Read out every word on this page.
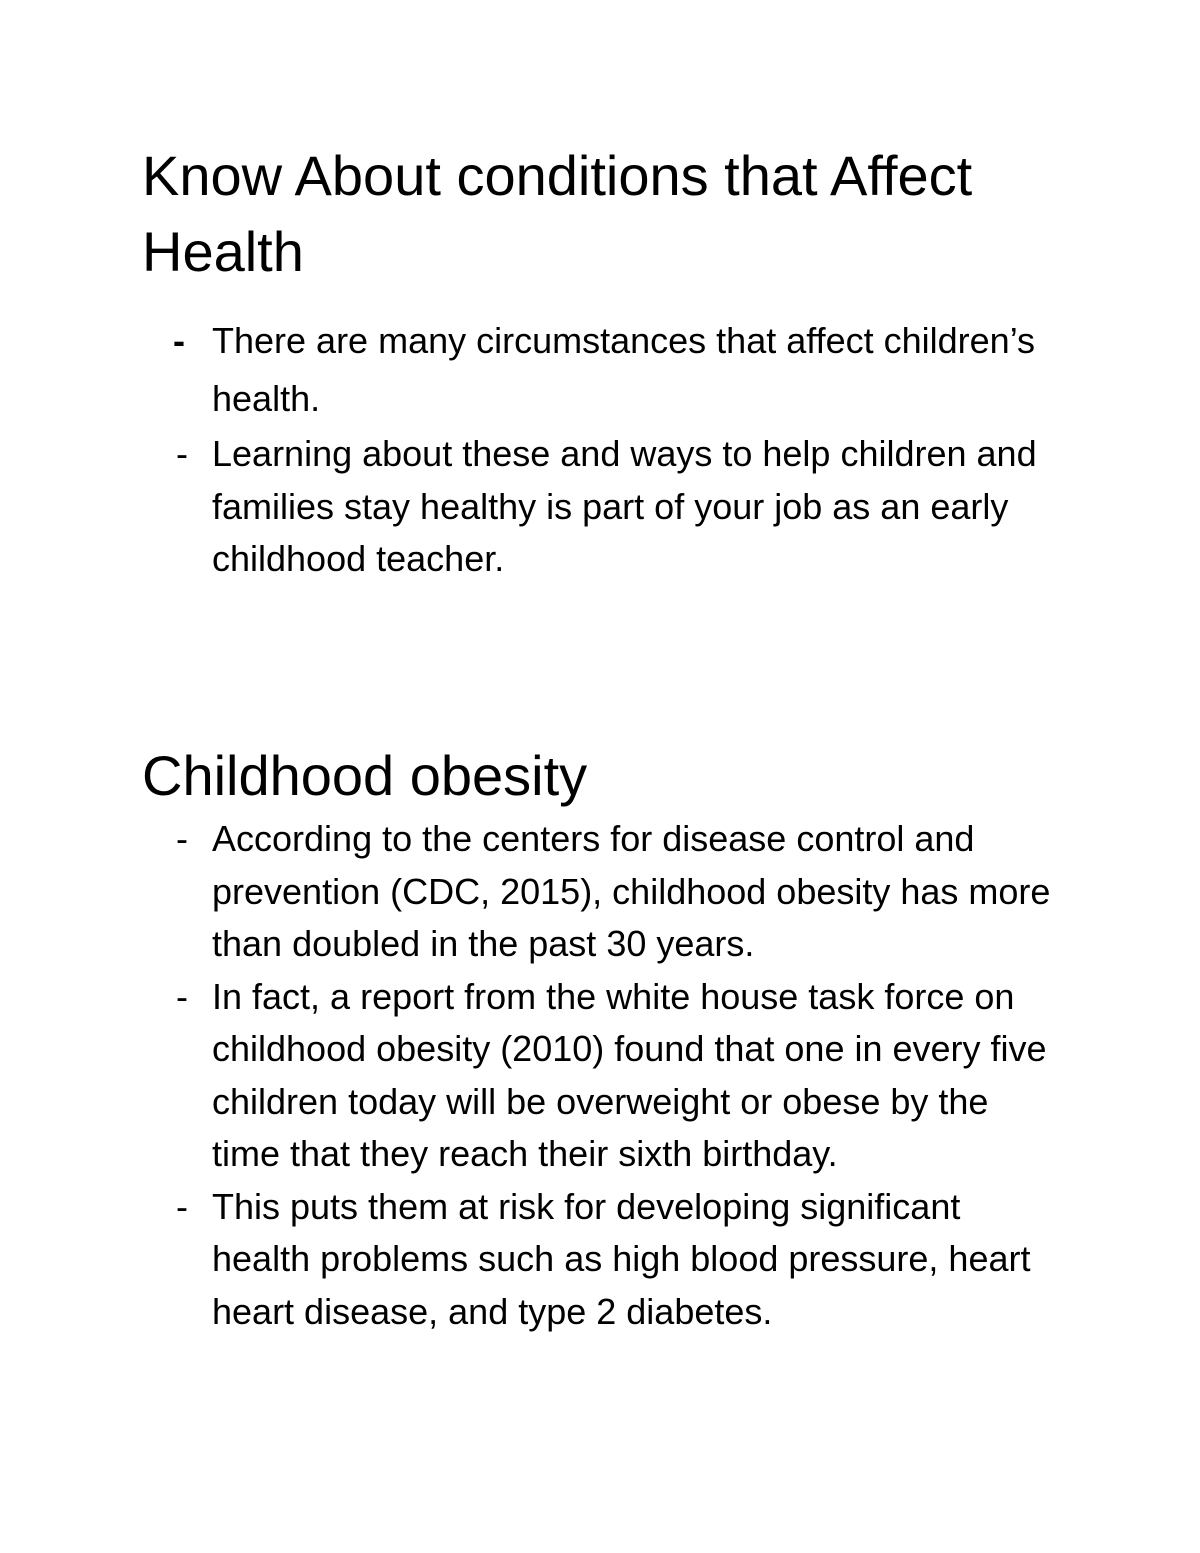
Know About conditions that Affect Health
- There are many circumstances that affect children’s health.
- Learning about these and ways to help children and families stay healthy is part of your job as an early childhood teacher.
Childhood obesity
- According to the centers for disease control and prevention (CDC, 2015), childhood obesity has more than doubled in the past 30 years.
- In fact, a report from the white house task force on childhood obesity (2010) found that one in every five children today will be overweight or obese by the time that they reach their sixth birthday.
- This puts them at risk for developing significant health problems such as high blood pressure, heart heart disease, and type 2 diabetes.
